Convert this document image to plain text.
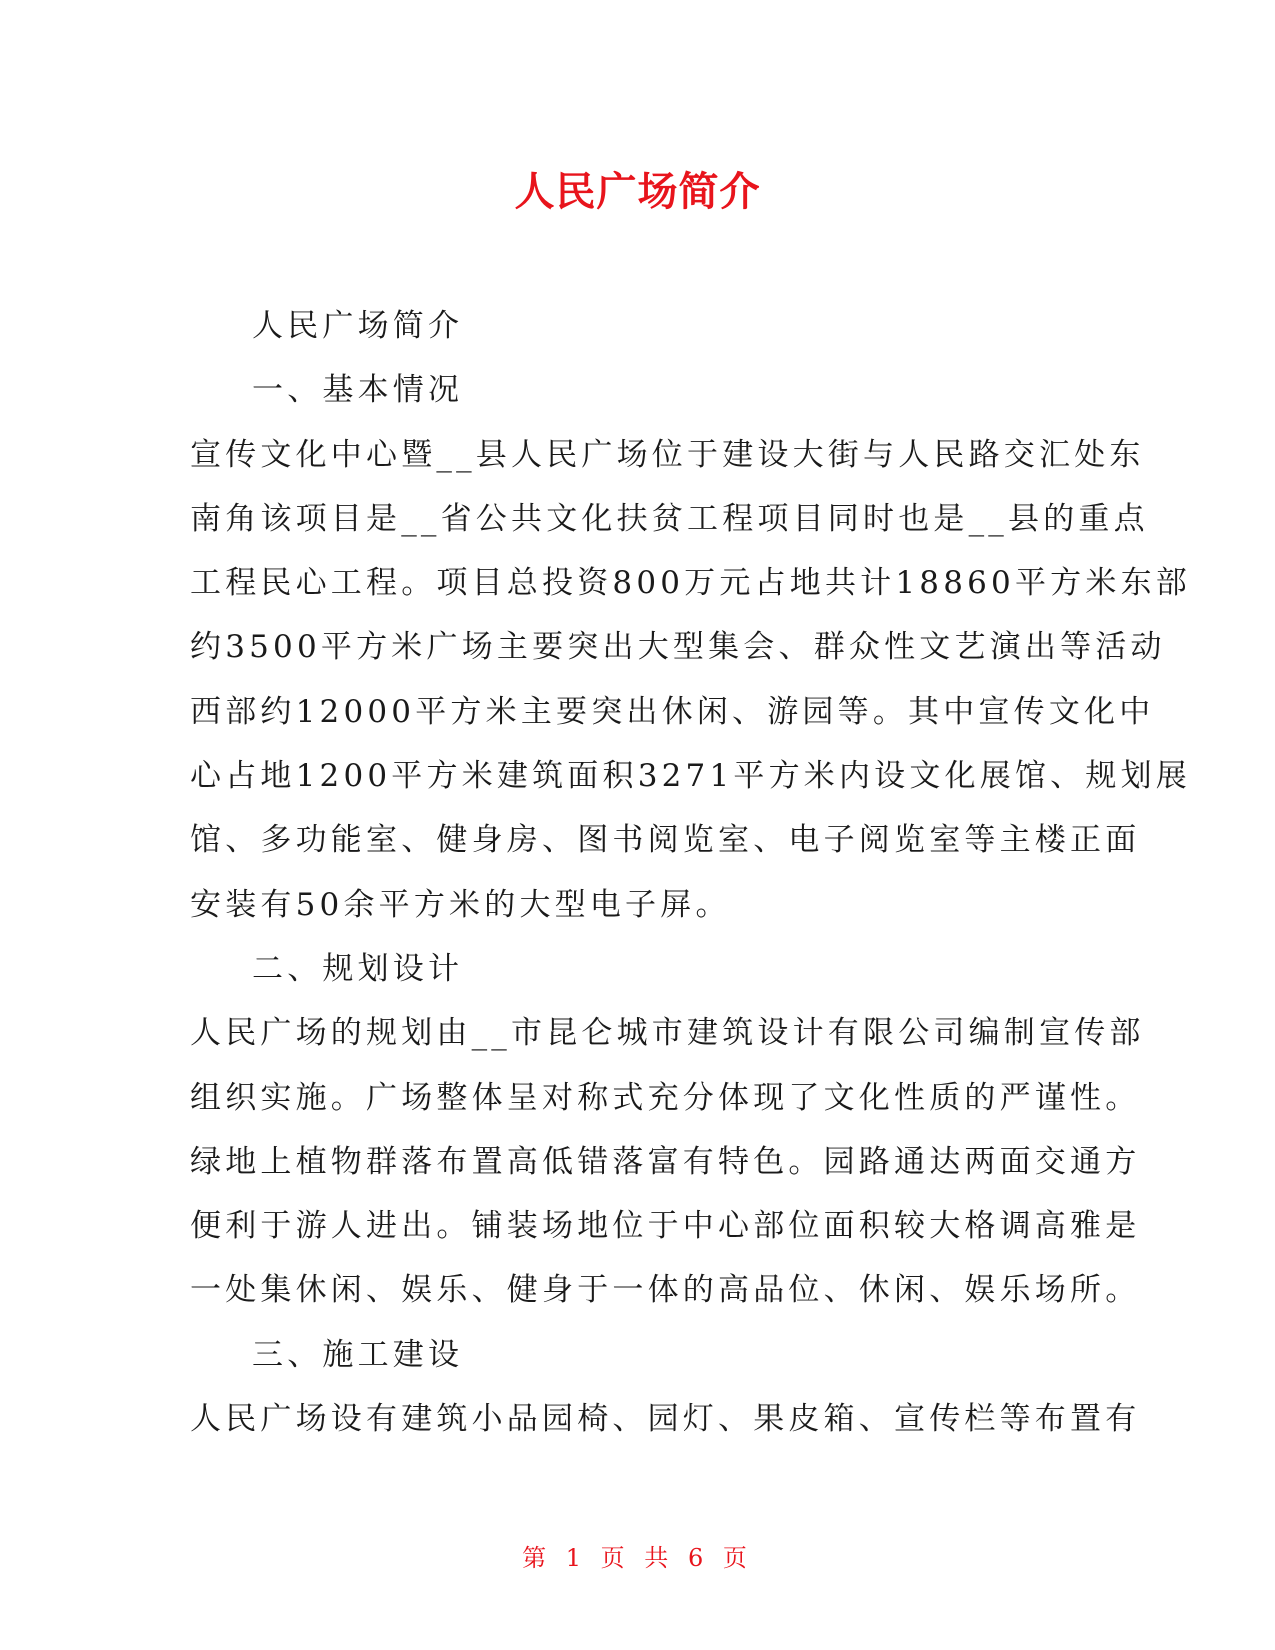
人民广场简介
人民广场简介
一、基本情况
宣传文化中心暨__县人民广场位于建设大街与人民路交汇处东
南角该项目是__省公共文化扶贫工程项目同时也是__县的重点
工程民心工程。项目总投资800万元占地共计18860平方米东部
约3500平方米广场主要突出大型集会、群众性文艺演出等活动
西部约12000平方米主要突出休闲、游园等。其中宣传文化中
心占地1200平方米建筑面积3271平方米内设文化展馆、规划展
馆、多功能室、健身房、图书阅览室、电子阅览室等主楼正面
安装有50余平方米的大型电子屏。
二、规划设计
人民广场的规划由__市昆仑城市建筑设计有限公司编制宣传部
组织实施。广场整体呈对称式充分体现了文化性质的严谨性。
绿地上植物群落布置高低错落富有特色。园路通达两面交通方
便利于游人进出。铺装场地位于中心部位面积较大格调高雅是
一处集休闲、娱乐、健身于一体的高品位、休闲、娱乐场所。
三、施工建设
人民广场设有建筑小品园椅、园灯、果皮箱、宣传栏等布置有
第 1 页 共 6 页
